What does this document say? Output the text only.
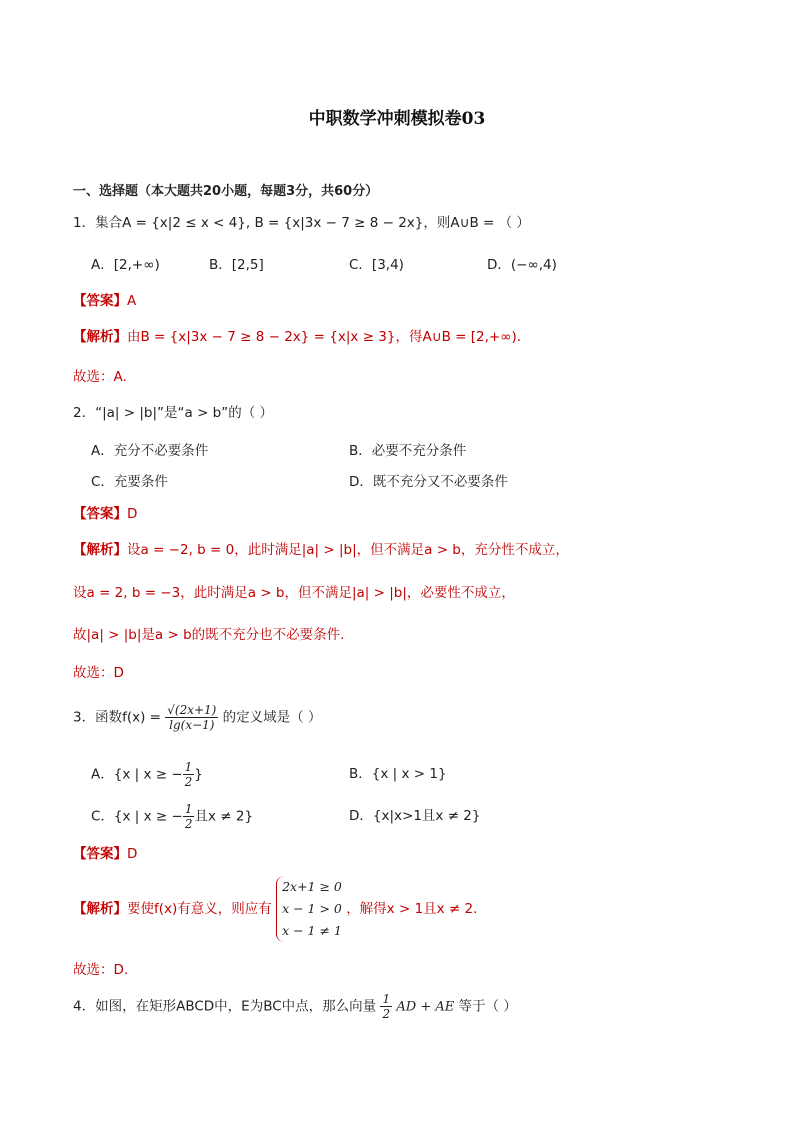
中职数学冲刺模拟卷03
一、选择题（本大题共20小题，每题3分，共60分）
1．集合A = {x|2 ≤ x < 4}, B = {x|3x − 7 ≥ 8 − 2x}，则A∪B = （ ）
A．[2,+∞)	B．[2,5]	C．[3,4)	D．(−∞,4)
【答案】A
【解析】由B = {x|3x − 7 ≥ 8 − 2x} = {x|x ≥ 3}，得A∪B = [2,+∞).
故选：A.
2．“|a| > |b|”是“a > b”的（ ）
A．充分不必要条件	B．必要不充分条件
C．充要条件	D．既不充分又不必要条件
【答案】D
【解析】设a = −2, b = 0，此时满足|a| > |b|，但不满足a > b，充分性不成立，
设a = 2, b = −3，此时满足a > b，但不满足|a| > |b|，必要性不成立，
故|a| > |b|是a > b的既不充分也不必要条件.
故选：D
3．函数$f(x) = \frac{√(2x+1)}{\lg(x-1)}$ 的定义域是（ ）
A．{x | x ≥ − $\frac{1}{2}$ }	B．{x | x > 1}
C．{x | x ≥ − $\frac{1}{2}$ 且x ≠ 2}	D．{x|x>1且x ≠ 2}
【答案】D
【解析】要使f(x)有意义，则应有
2x+1 ≥ 0
x − 1 > 0
x − 1 ≠ 1
，解得x > 1且x ≠ 2.
故选：D.
4．如图，在矩形ABCD中，E为BC中点，那么向量 $\frac{1}{2}$ AD + AE 等于（ ）
